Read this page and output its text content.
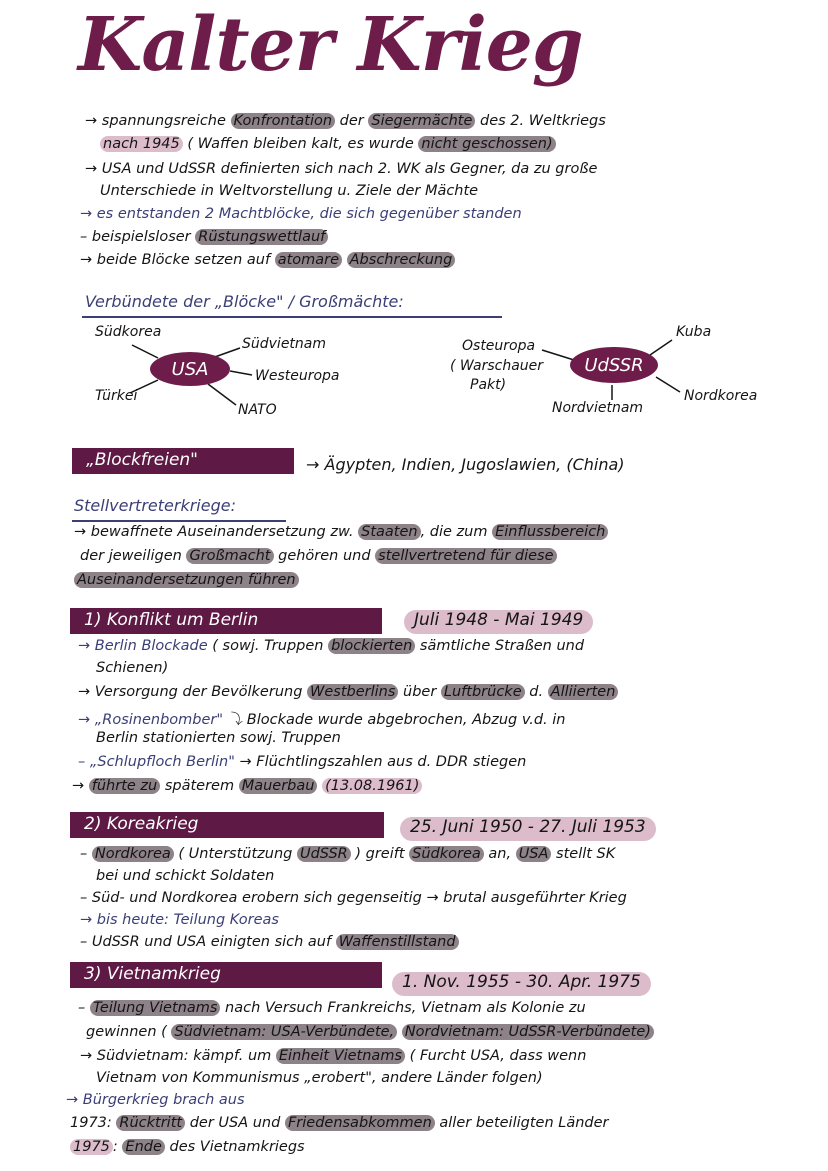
Kalter Krieg
→ spannungsreiche Konfrontation der Siegermächte des 2. Weltkriegs
nach 1945 ( Waffen bleiben kalt, es wurde nicht geschossen)
→ USA und UdSSR definierten sich nach 2. WK als Gegner, da zu große
Unterschiede in Weltvorstellung u. Ziele der Mächte
→ es entstanden 2 Machtblöcke, die sich gegenüber standen
– beispielsloser Rüstungswettlauf
→ beide Blöcke setzen auf atomare Abschreckung
Verbündete der „Blöcke" / Großmächte:
USA
Südkorea
Türkei
Südvietnam
Westeuropa
NATO
UdSSR
Osteuropa
( Warschauer
Pakt)
Kuba
Nordkorea
Nordvietnam
„Blockfreien"	→ Ägypten, Indien, Jugoslawien, (China)
Stellvertreterkriege:
→ bewaffnete Auseinandersetzung zw. Staaten , die zum Einflussbereich
der jeweiligen Großmacht gehören und stellvertretend für diese
Auseinandersetzungen führen
1) Konflikt um Berlin	Juli 1948 - Mai 1949
→ Berlin Blockade ( sowj. Truppen blockierten sämtliche Straßen und
Schienen)
→ Versorgung der Bevölkerung Westberlins über Luftbrücke d. Alliierten
→ „Rosinenbomber" ⤵ Blockade wurde abgebrochen, Abzug v.d. in
Berlin stationierten sowj. Truppen
– „Schlupfloch Berlin" → Flüchtlingszahlen aus d. DDR stiegen
→ führte zu späterem Mauerbau (13.08.1961)
2) Koreakrieg	25. Juni 1950 - 27. Juli 1953
– Nordkorea ( Unterstützung UdSSR ) greift Südkorea an, USA stellt SK
bei und schickt Soldaten
– Süd- und Nordkorea erobern sich gegenseitig → brutal ausgeführter Krieg
→ bis heute: Teilung Koreas
– UdSSR und USA einigten sich auf Waffenstillstand
3) Vietnamkrieg	1. Nov. 1955 - 30. Apr. 1975
– Teilung Vietnams nach Versuch Frankreichs, Vietnam als Kolonie zu
gewinnen ( Südvietnam: USA-Verbündete, Nordvietnam: UdSSR-Verbündete)
→ Südvietnam: kämpf. um Einheit Vietnams ( Furcht USA, dass wenn
Vietnam von Kommunismus „erobert", andere Länder folgen)
→ Bürgerkrieg brach aus
1973: Rücktritt der USA und Friedensabkommen aller beteiligten Länder
1975 : Ende des Vietnamkriegs
